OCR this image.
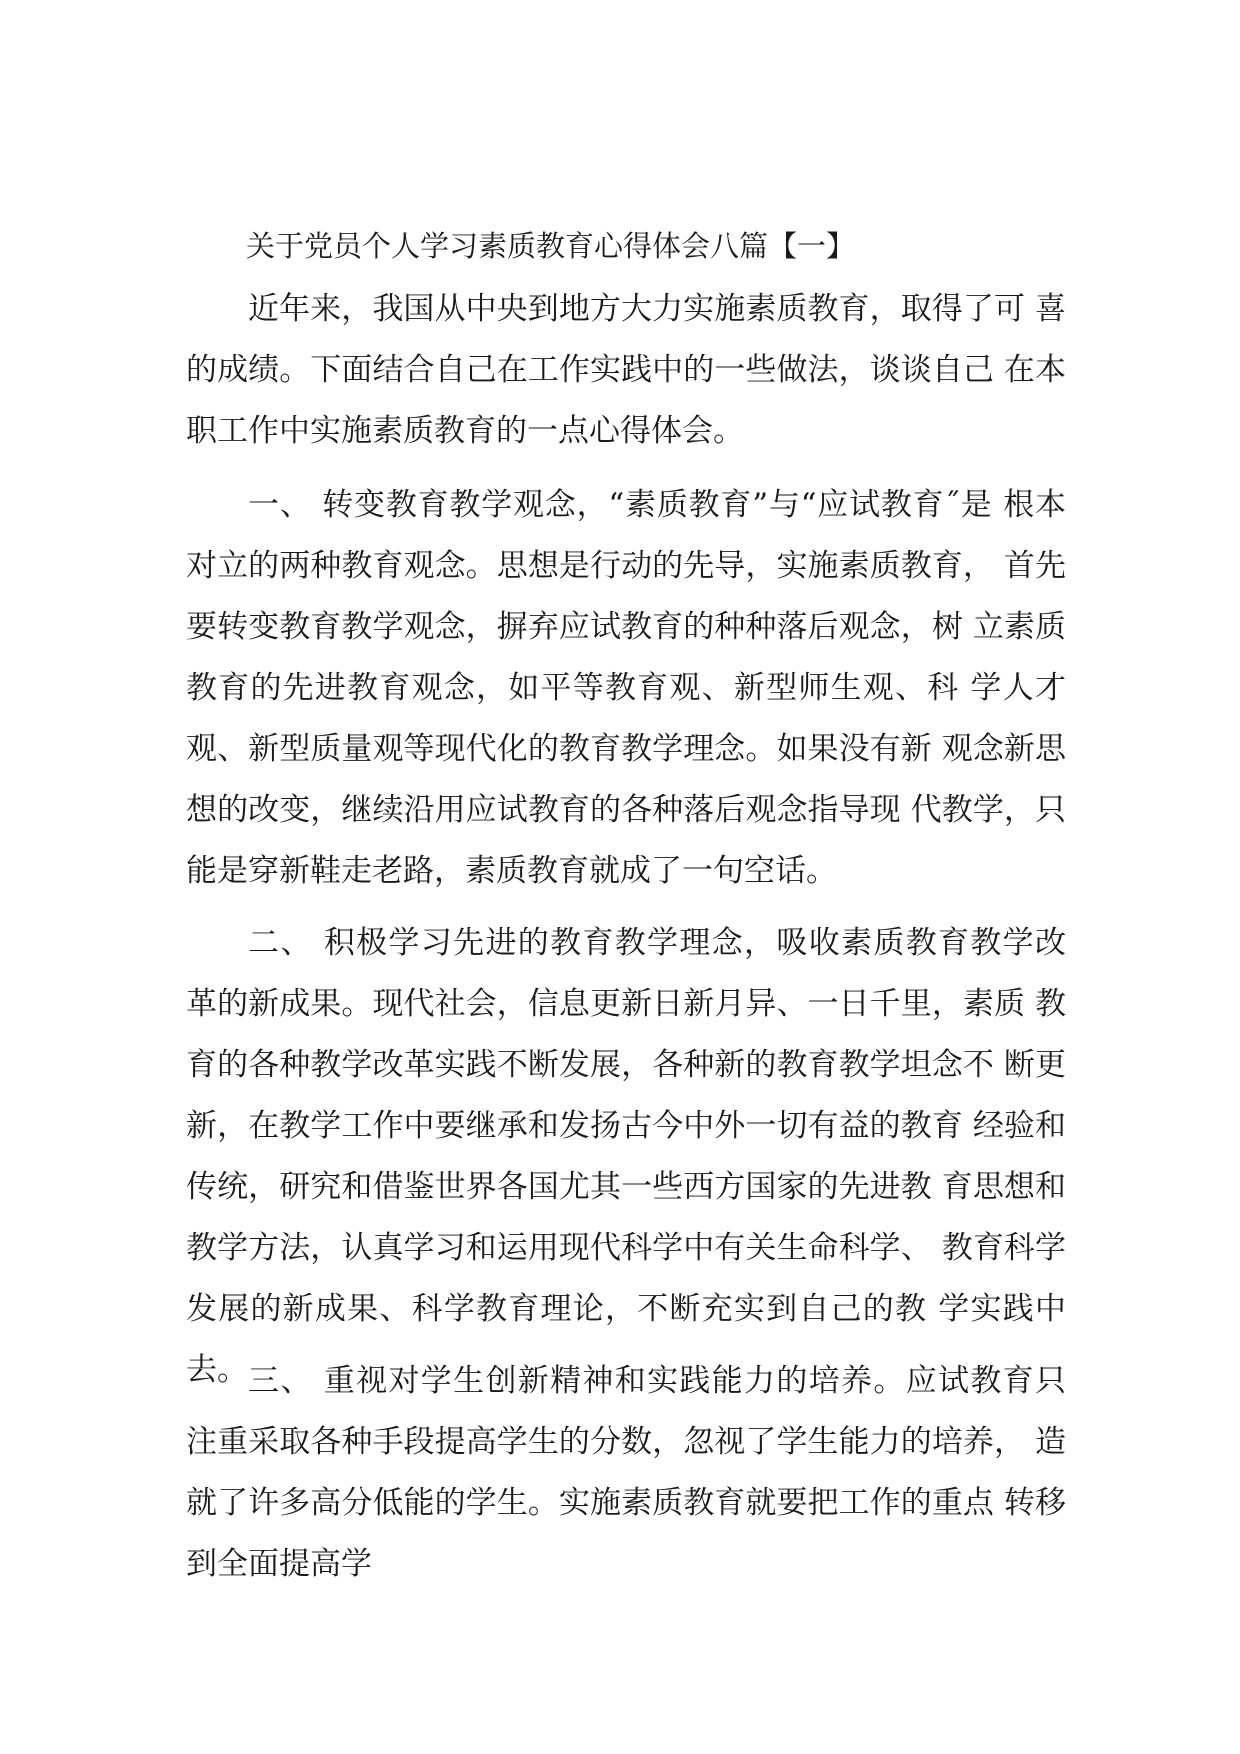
关于党员个人学习素质教育心得体会八篇【一】

近年来，我国从中央到地方大力实施素质教育，取得了可 喜的成绩。下面结合自己在工作实践中的一些做法，谈谈自己 在本职工作中实施素质教育的一点心得体会。

一、 转变教育教学观念，“素质教育”与“应试教育˝是 根本对立的两种教育观念。思想是行动的先导，实施素质教育， 首先要转变教育教学观念，摒弃应试教育的种种落后观念，树 立素质教育的先进教育观念，如平等教育观、新型师生观、科 学人才观、新型质量观等现代化的教育教学理念。如果没有新 观念新思想的改变，继续沿用应试教育的各种落后观念指导现 代教学，只能是穿新鞋走老路，素质教育就成了一句空话。

二、 积极学习先进的教育教学理念，吸收素质教育教学改 革的新成果。现代社会，信息更新日新月异、一日千里，素质 教育的各种教学改革实践不断发展，各种新的教育教学坦念不 断更新，在教学工作中要继承和发扬古今中外一切有益的教育 经验和传统，研究和借鉴世界各国尤其一些西方国家的先进教 育思想和教学方法，认真学习和运用现代科学中有关生命科学、 教育科学发展的新成果、科学教育理论，不断充实到自己的教 学实践中去。 三、 重视对学生创新精神和实践能力的培养。应试教育只 注重采取各种手段提高学生的分数，忽视了学生能力的培养， 造就了许多高分低能的学生。实施素质教育就要把工作的重点 转移到全面提高学
